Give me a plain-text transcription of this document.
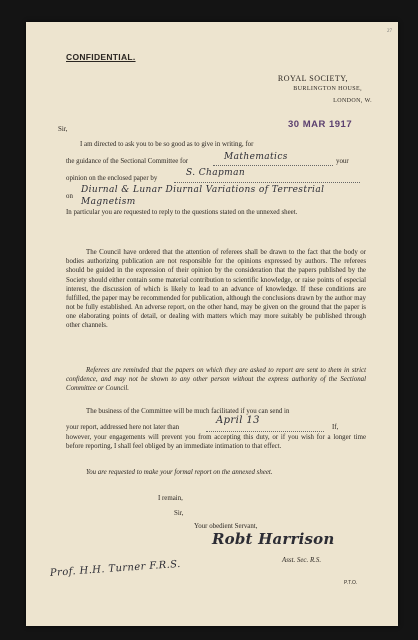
27
CONFIDENTIAL.
ROYAL SOCIETY,
BURLINGTON HOUSE,
LONDON, W.
30 MAR 1917
Sir,
I am directed to ask you to be so good as to give in writing, for
the guidance of the Sectional Committee for	Mathematics	your
opinion on the enclosed paper by
S. Chapman
on
Diurnal & Lunar Diurnal Variations of Terrestrial
Magnetism
In particular you are requested to reply to the questions stated on the unnexed sheet.
The Council have ordered that the attention of referees shall be drawn to the fact that the body or bodies authorizing publication are not responsible for the opinions expressed by authors. The referees should be guided in the expression of their opinion by the consideration that the papers published by the Society should either contain some material contribution to scientific knowledge, or raise points of especial interest, the discussion of which is likely to lead to an advance of knowledge. If these conditions are fulfilled, the paper may be recommended for publication, although the conclusions drawn by the author may not be fully established. An adverse report, on the other hand, may be given on the ground that the paper is one elaborating points of detail, or dealing with matters which may more suitably be published through other channels.
Referees are reminded that the papers on which they are asked to report are sent to them in strict confidence, and may not be shown to any other person without the express authority of the Sectional Committee or Council.
The business of the Committee will be much facilitated if you can send in
your report, addressed here not later than
April 13
If,
however, your engagements will prevent you from accepting this duty, or if you wish for a longer time before reporting, I shall feel obliged by an immediate intimation to that effect.
You are requested to make your formal report on the annexed sheet.
I remain,
Sir,
Your obedient Servant,
Robt Harrison
Asst. Sec. R.S.
Prof. H.H. Turner F.R.S.
P.T.O.
